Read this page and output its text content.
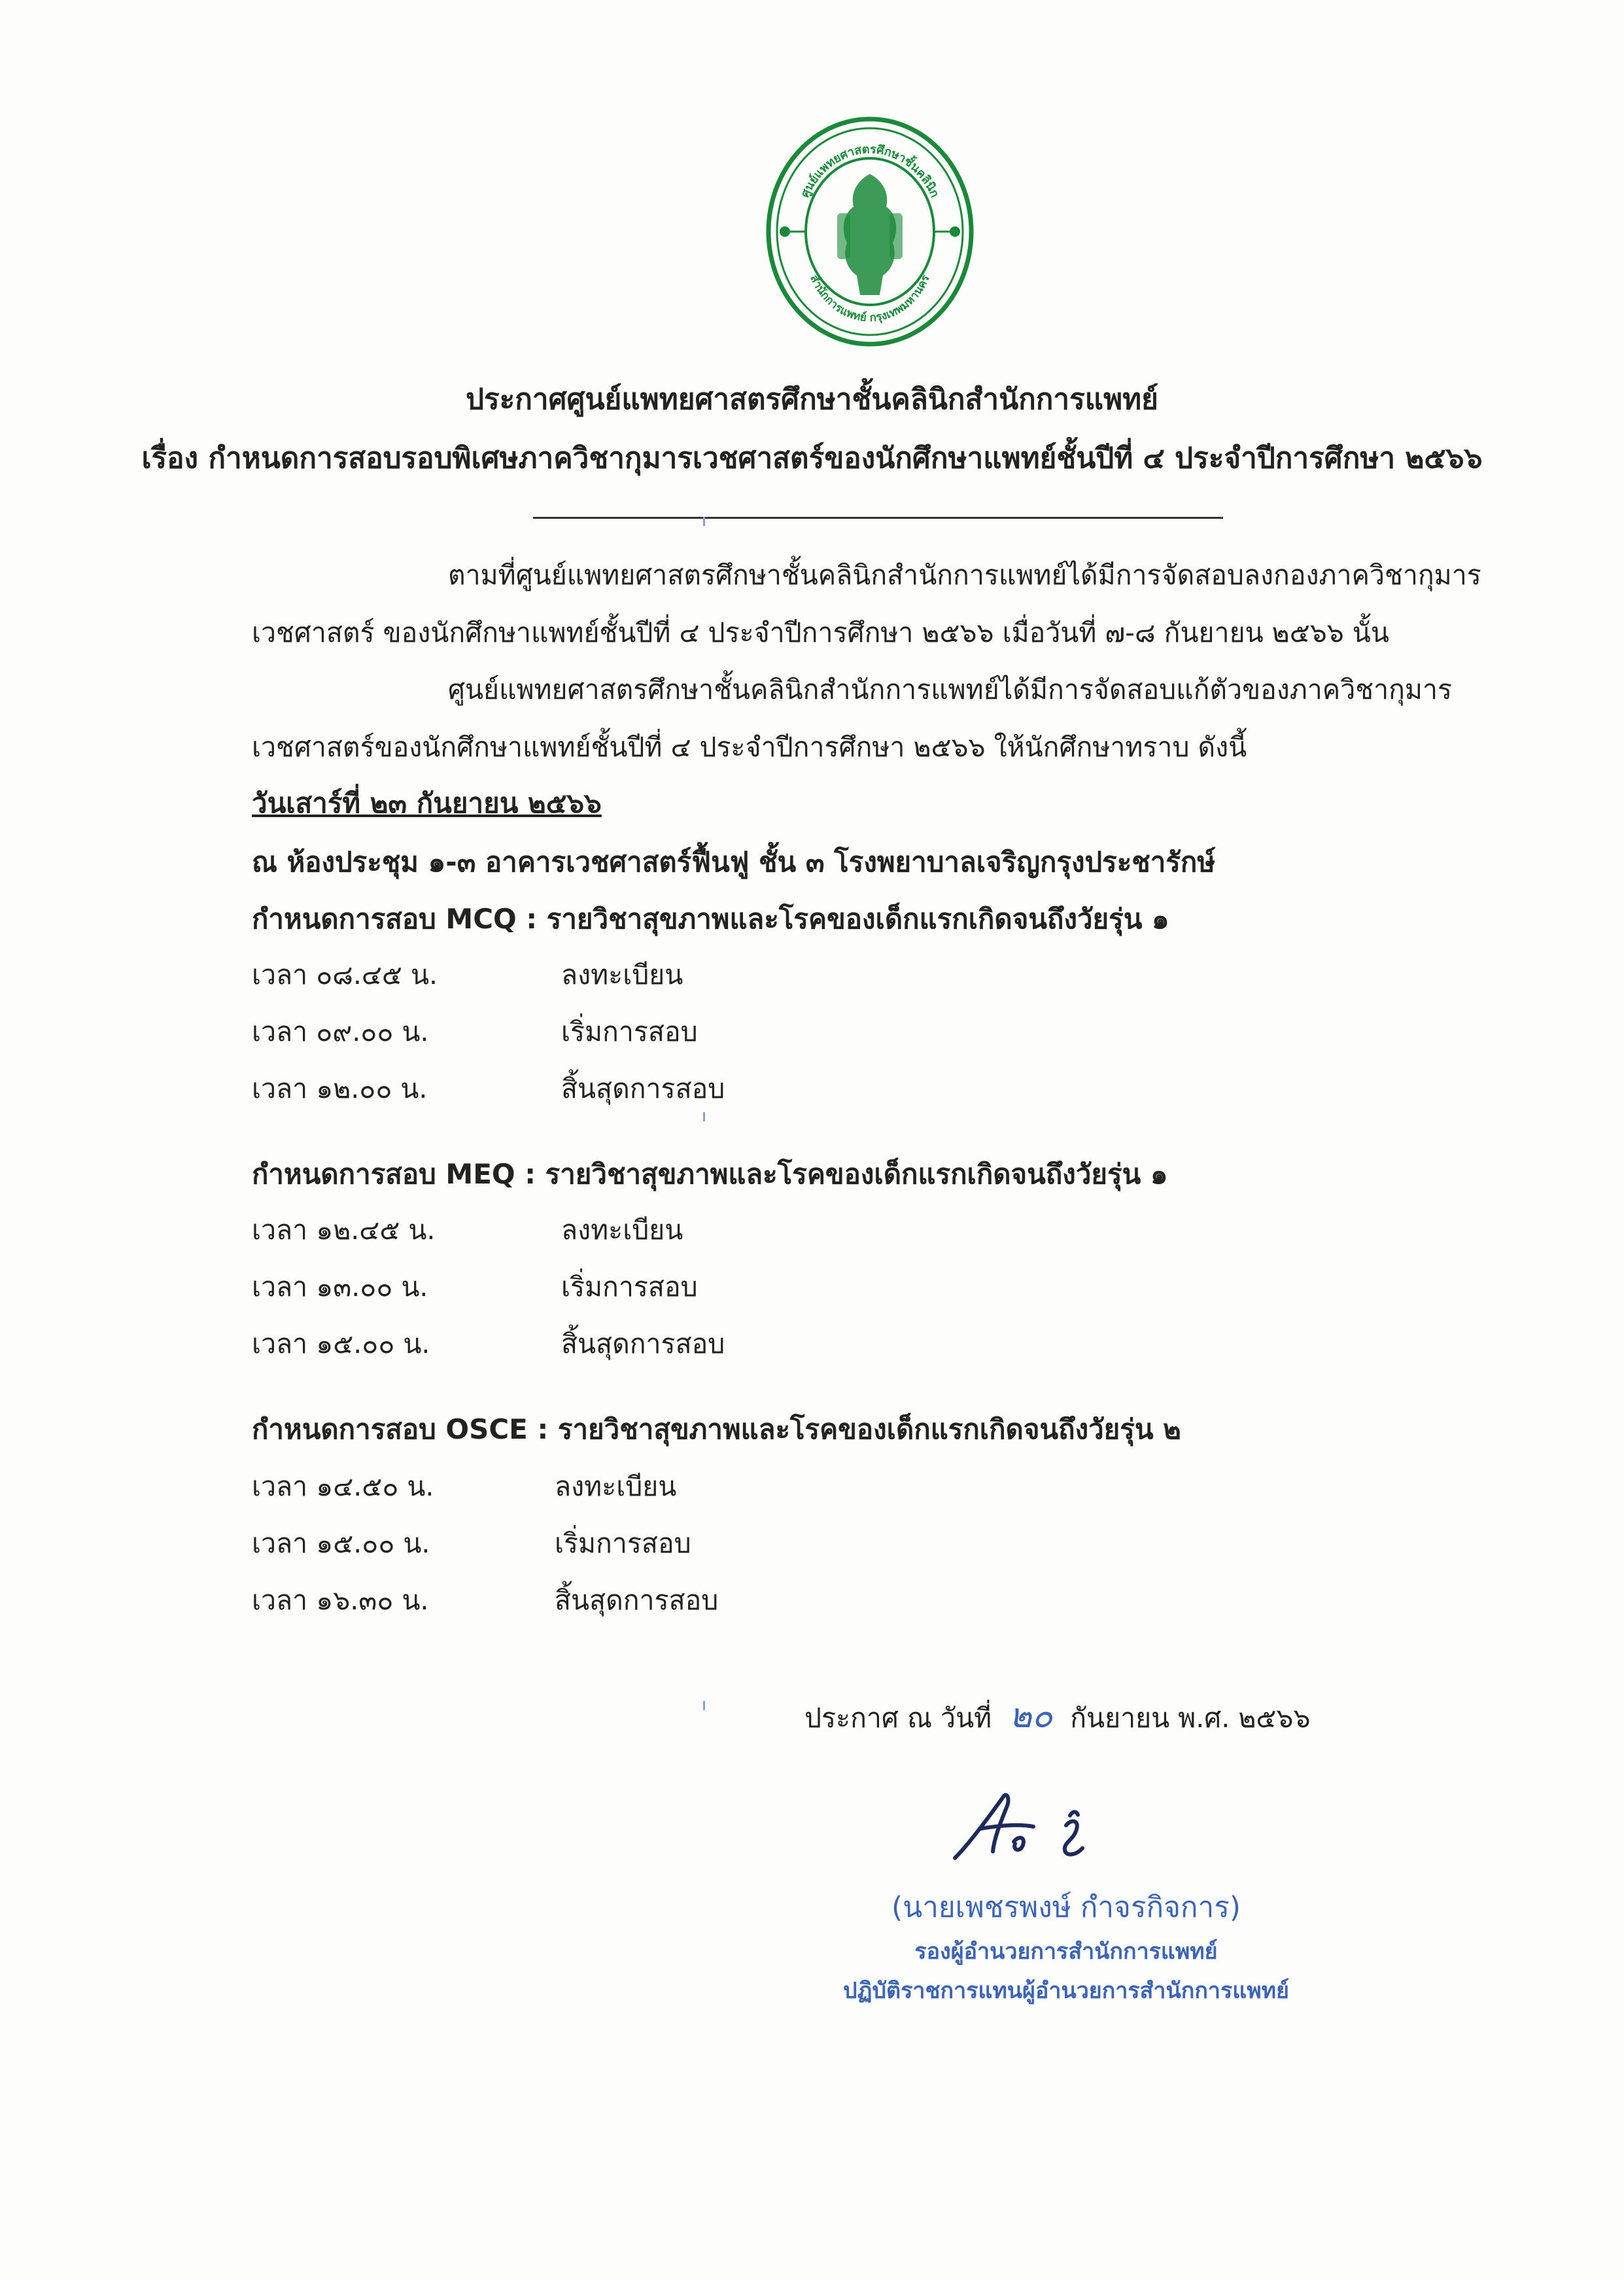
ศูนย์แพทยศาสตรศึกษาชั้นคลินิก
สำนักการแพทย์ กรุงเทพมหานคร
ประกาศศูนย์แพทยศาสตรศึกษาชั้นคลินิกสำนักการแพทย์
เรื่อง กำหนดการสอบรอบพิเศษภาควิชากุมารเวชศาสตร์ของนักศึกษาแพทย์ชั้นปีที่ ๔ ประจำปีการศึกษา ๒๕๖๖
ตามที่ศูนย์แพทยศาสตรศึกษาชั้นคลินิกสำนักการแพทย์ได้มีการจัดสอบลงกองภาควิชากุมารเวชศาสตร์ ของนักศึกษาแพทย์ชั้นปีที่ ๔ ประจำปีการศึกษา ๒๕๖๖ เมื่อวันที่ ๗-๘ กันยายน ๒๕๖๖ นั้น
ศูนย์แพทยศาสตรศึกษาชั้นคลินิกสำนักการแพทย์ได้มีการจัดสอบแก้ตัวของภาควิชากุมารเวชศาสตร์ของนักศึกษาแพทย์ชั้นปีที่ ๔ ประจำปีการศึกษา ๒๕๖๖ ให้นักศึกษาทราบ ดังนี้
วันเสาร์ที่ ๒๓ กันยายน ๒๕๖๖
ณ ห้องประชุม ๑-๓ อาคารเวชศาสตร์ฟื้นฟู ชั้น ๓ โรงพยาบาลเจริญกรุงประชารักษ์
กำหนดการสอบ MCQ : รายวิชาสุขภาพและโรคของเด็กแรกเกิดจนถึงวัยรุ่น ๑
เวลา ๐๘.๔๕ น.	ลงทะเบียน
เวลา ๐๙.๐๐ น.	เริ่มการสอบ
เวลา ๑๒.๐๐ น.	สิ้นสุดการสอบ
กำหนดการสอบ MEQ : รายวิชาสุขภาพและโรคของเด็กแรกเกิดจนถึงวัยรุ่น ๑
เวลา ๑๒.๔๕ น.	ลงทะเบียน
เวลา ๑๓.๐๐ น.	เริ่มการสอบ
เวลา ๑๕.๐๐ น.	สิ้นสุดการสอบ
กำหนดการสอบ OSCE : รายวิชาสุขภาพและโรคของเด็กแรกเกิดจนถึงวัยรุ่น ๒
เวลา ๑๔.๕๐ น.	ลงทะเบียน
เวลา ๑๕.๐๐ น.	เริ่มการสอบ
เวลา ๑๖.๓๐ น.	สิ้นสุดการสอบ
ประกาศ ณ วันที่ ๒๐ กันยายน พ.ศ. ๒๕๖๖
(นายเพชรพงษ์ กำจรกิจการ)
รองผู้อำนวยการสำนักการแพทย์
ปฏิบัติราชการแทนผู้อำนวยการสำนักการแพทย์
